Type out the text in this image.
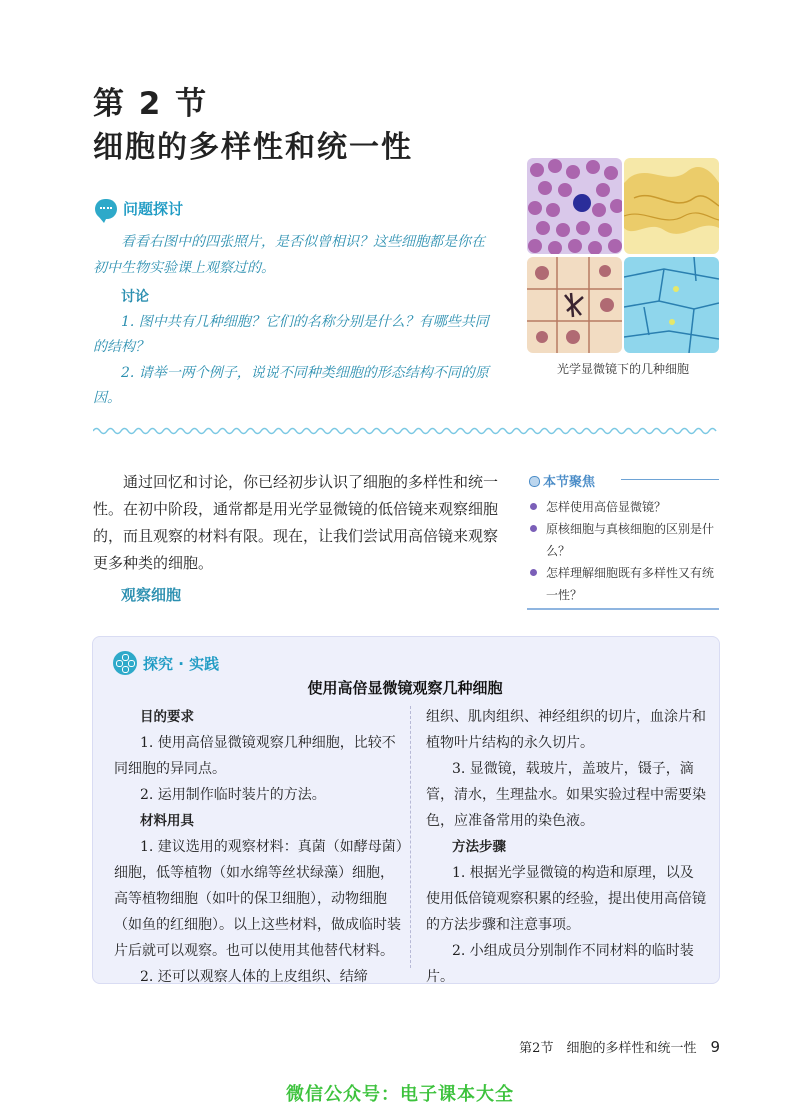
第 2 节
细胞的多样性和统一性
光学显微镜下的几种细胞
问题探讨
看看右图中的四张照片，是否似曾相识？这些细胞都是你在初中生物实验课上观察过的。
讨论
1. 图中共有几种细胞？它们的名称分别是什么？有哪些共同的结构？
2. 请举一两个例子，说说不同种类细胞的形态结构不同的原因。
通过回忆和讨论，你已经初步认识了细胞的多样性和统一性。在初中阶段，通常都是用光学显微镜的低倍镜来观察细胞的，而且观察的材料有限。现在，让我们尝试用高倍镜来观察更多种类的细胞。
观察细胞
本节聚焦
怎样使用高倍显微镜？
原核细胞与真核细胞的区别是什么？
怎样理解细胞既有多样性又有统一性？
探究 · 实践
使用高倍显微镜观察几种细胞
目的要求
1. 使用高倍显微镜观察几种细胞，比较不同细胞的异同点。
2. 运用制作临时装片的方法。
材料用具
1. 建议选用的观察材料：真菌（如酵母菌）细胞，低等植物（如水绵等丝状绿藻）细胞，高等植物细胞（如叶的保卫细胞），动物细胞（如鱼的红细胞）。以上这些材料，做成临时装片后就可以观察。也可以使用其他替代材料。
2. 还可以观察人体的上皮组织、结缔
组织、肌肉组织、神经组织的切片，血涂片和植物叶片结构的永久切片。
3. 显微镜，载玻片，盖玻片，镊子，滴管，清水，生理盐水。如果实验过程中需要染色，应准备常用的染色液。
方法步骤
1. 根据光学显微镜的构造和原理，以及使用低倍镜观察积累的经验，提出使用高倍镜的方法步骤和注意事项。
2. 小组成员分别制作不同材料的临时装片。
第2节　细胞的多样性和统一性 9
微信公众号：电子课本大全
